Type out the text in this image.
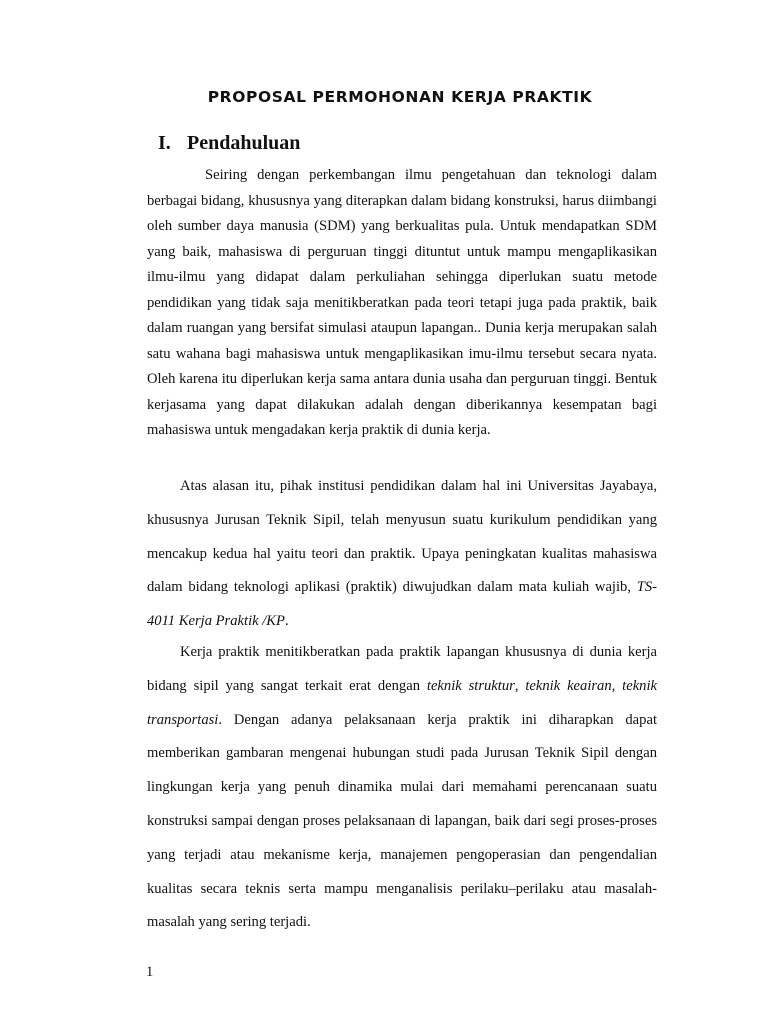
PROPOSAL PERMOHONAN KERJA PRAKTIK
I. Pendahuluan

Seiring dengan perkembangan ilmu pengetahuan dan teknologi dalam berbagai bidang, khususnya yang diterapkan dalam bidang konstruksi, harus diimbangi oleh sumber daya manusia (SDM) yang berkualitas pula. Untuk mendapatkan SDM yang baik, mahasiswa di perguruan tinggi dituntut untuk mampu mengaplikasikan ilmu-ilmu yang didapat dalam perkuliahan sehingga diperlukan suatu metode pendidikan yang tidak saja menitikberatkan pada teori tetapi juga pada praktik, baik dalam ruangan yang bersifat simulasi ataupun lapangan.. Dunia kerja merupakan salah satu wahana bagi mahasiswa untuk mengaplikasikan imu-ilmu tersebut secara nyata. Oleh karena itu diperlukan kerja sama antara dunia usaha dan perguruan tinggi. Bentuk kerjasama yang dapat dilakukan adalah dengan diberikannya kesempatan bagi mahasiswa untuk mengadakan kerja praktik di dunia kerja.

Atas alasan itu, pihak institusi pendidikan dalam hal ini Universitas Jayabaya, khususnya Jurusan Teknik Sipil, telah menyusun suatu kurikulum pendidikan yang mencakup kedua hal yaitu teori dan praktik. Upaya peningkatan kualitas mahasiswa dalam bidang teknologi aplikasi (praktik) diwujudkan dalam mata kuliah wajib, TS-4011 Kerja Praktik /KP.

Kerja praktik menitikberatkan pada praktik lapangan khususnya di dunia kerja bidang sipil yang sangat terkait erat dengan teknik struktur, teknik keairan, teknik transportasi. Dengan adanya pelaksanaan kerja praktik ini diharapkan dapat memberikan gambaran mengenai hubungan studi pada Jurusan Teknik Sipil dengan lingkungan kerja yang penuh dinamika mulai dari memahami perencanaan suatu konstruksi sampai dengan proses pelaksanaan di lapangan, baik dari segi proses-proses yang terjadi atau mekanisme kerja, manajemen pengoperasian dan pengendalian kualitas secara teknis serta mampu menganalisis perilaku–perilaku atau masalah-masalah yang sering terjadi.

1
